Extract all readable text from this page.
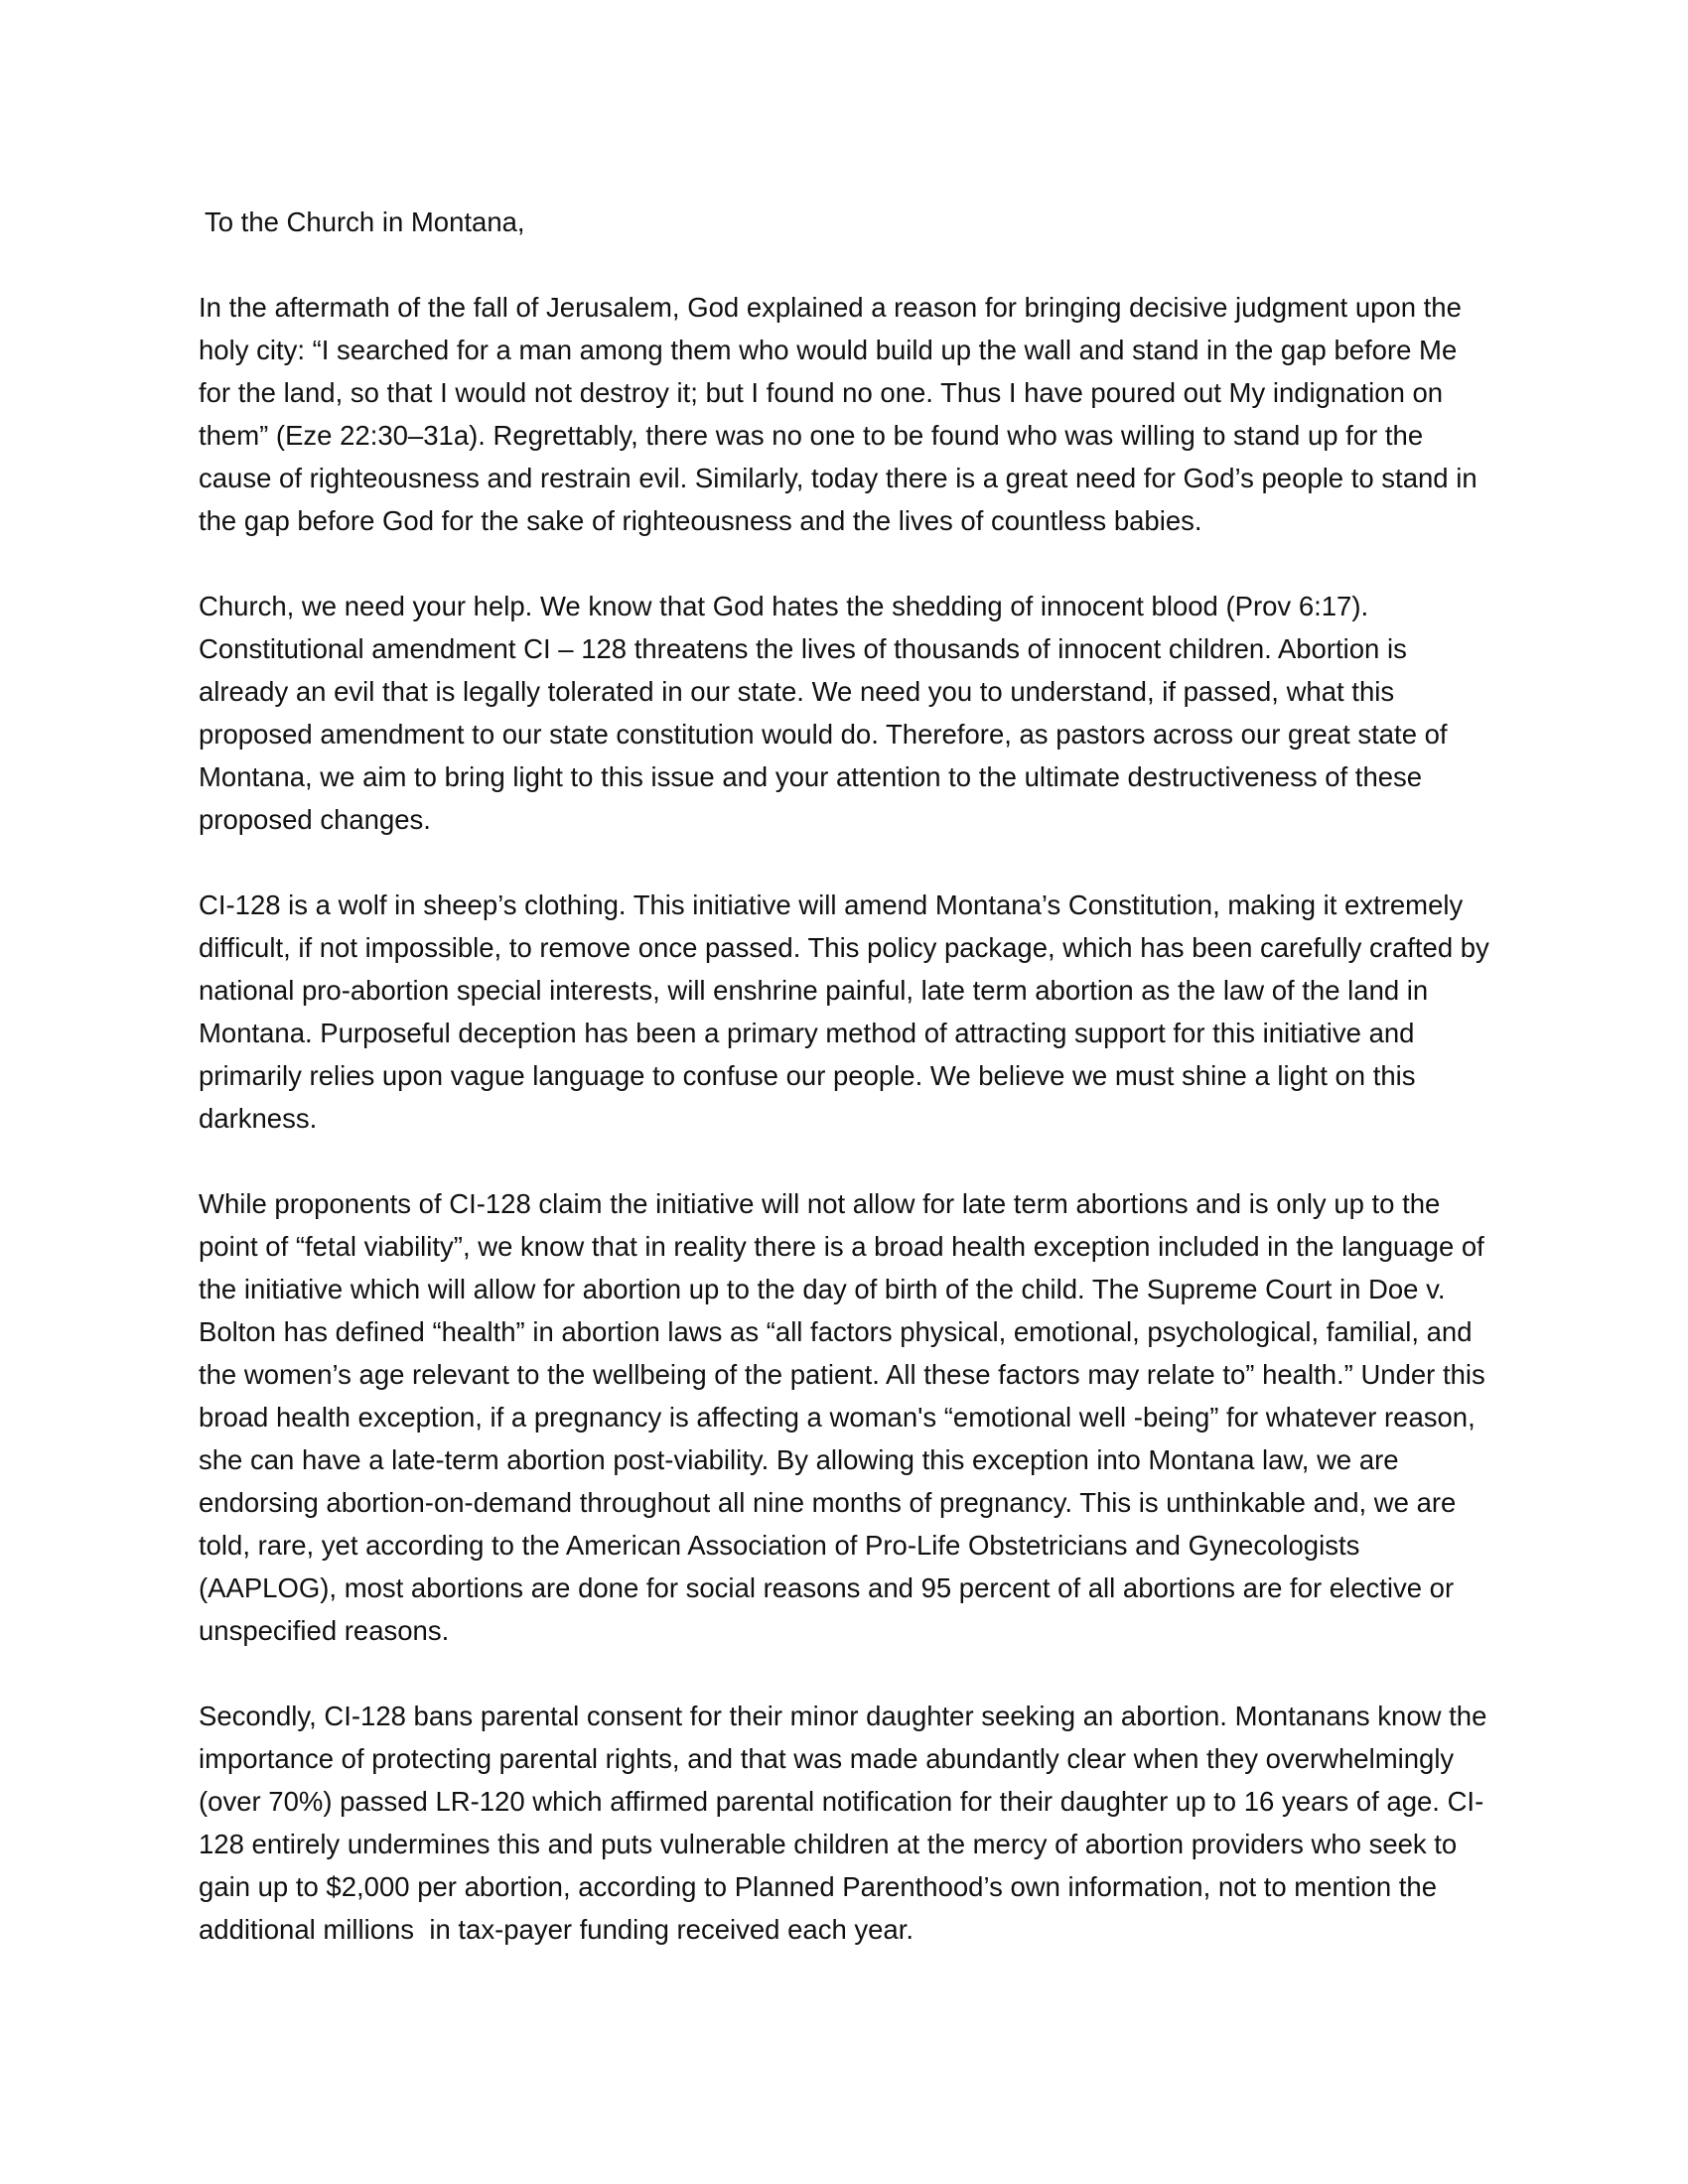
To the Church in Montana,

In the aftermath of the fall of Jerusalem, God explained a reason for bringing decisive judgment upon the holy city: “I searched for a man among them who would build up the wall and stand in the gap before Me for the land, so that I would not destroy it; but I found no one. Thus I have poured out My indignation on them” (Eze 22:30–31a). Regrettably, there was no one to be found who was willing to stand up for the cause of righteousness and restrain evil. Similarly, today there is a great need for God’s people to stand in the gap before God for the sake of righteousness and the lives of countless babies.

Church, we need your help. We know that God hates the shedding of innocent blood (Prov 6:17). Constitutional amendment CI – 128 threatens the lives of thousands of innocent children. Abortion is already an evil that is legally tolerated in our state. We need you to understand, if passed, what this proposed amendment to our state constitution would do. Therefore, as pastors across our great state of Montana, we aim to bring light to this issue and your attention to the ultimate destructiveness of these proposed changes.

CI-128 is a wolf in sheep’s clothing. This initiative will amend Montana’s Constitution, making it extremely difficult, if not impossible, to remove once passed. This policy package, which has been carefully crafted by national pro-abortion special interests, will enshrine painful, late term abortion as the law of the land in Montana. Purposeful deception has been a primary method of attracting support for this initiative and primarily relies upon vague language to confuse our people. We believe we must shine a light on this darkness.

While proponents of CI-128 claim the initiative will not allow for late term abortions and is only up to the point of “fetal viability”, we know that in reality there is a broad health exception included in the language of the initiative which will allow for abortion up to the day of birth of the child. The Supreme Court in Doe v. Bolton has defined “health” in abortion laws as “all factors physical, emotional, psychological, familial, and the women’s age relevant to the wellbeing of the patient. All these factors may relate to” health.” Under this broad health exception, if a pregnancy is affecting a woman's “emotional well -being” for whatever reason, she can have a late-term abortion post-viability. By allowing this exception into Montana law, we are endorsing abortion-on-demand throughout all nine months of pregnancy. This is unthinkable and, we are told, rare, yet according to the American Association of Pro-Life Obstetricians and Gynecologists (AAPLOG), most abortions are done for social reasons and 95 percent of all abortions are for elective or unspecified reasons.

Secondly, CI-128 bans parental consent for their minor daughter seeking an abortion. Montanans know the importance of protecting parental rights, and that was made abundantly clear when they overwhelmingly (over 70%) passed LR-120 which affirmed parental notification for their daughter up to 16 years of age. CI-128 entirely undermines this and puts vulnerable children at the mercy of abortion providers who seek to gain up to $2,000 per abortion, according to Planned Parenthood’s own information, not to mention the additional millions  in tax-payer funding received each year.
